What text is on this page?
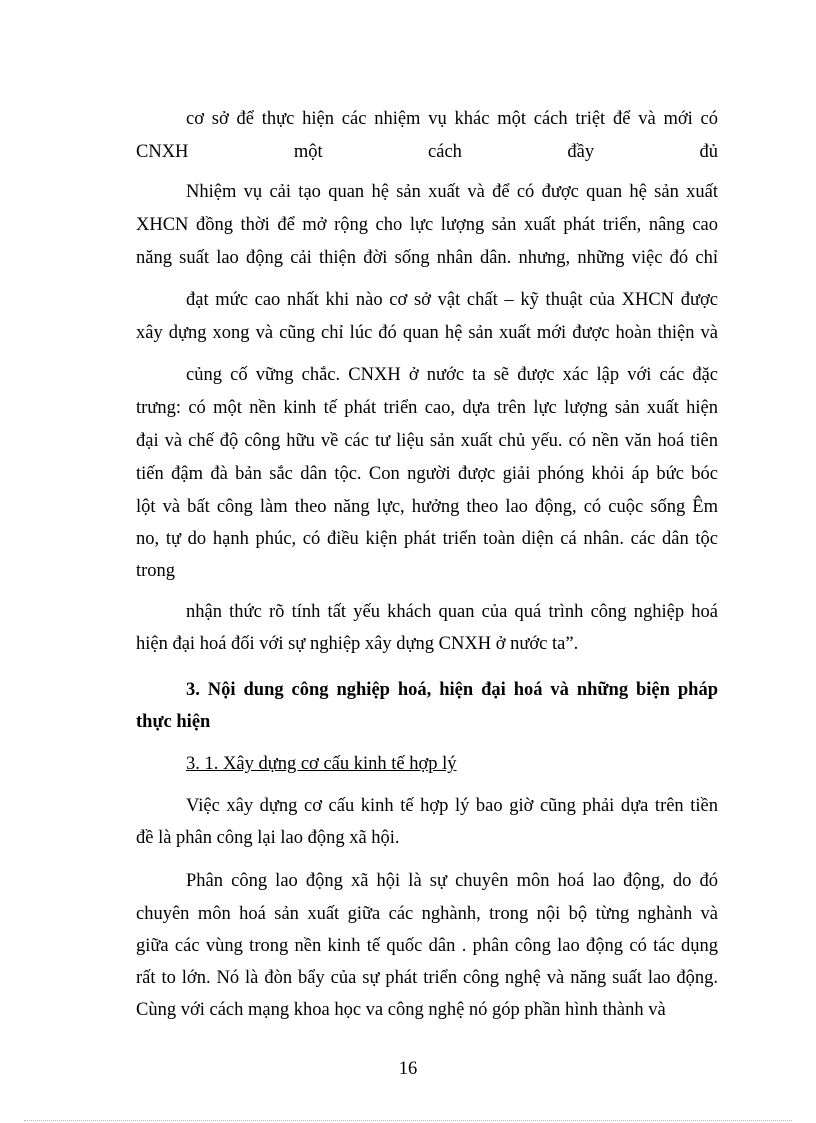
cơ sở để thực hiện các nhiệm vụ khác một cách triệt để và mới có
CNXH một cách đầy đủ
Nhiệm vụ cải tạo quan hệ sản xuất và để có được quan hệ sản xuất
XHCN đồng thời để mở rộng cho lực lượng sản xuất phát triển, nâng cao
năng suất lao động cải thiện đời sống nhân dân. nhưng, những việc đó chỉ
đạt mức cao nhất khi nào cơ sở vật chất – kỹ thuật của XHCN được
xây dựng xong và cũng chỉ lúc đó quan hệ sản xuất mới được hoàn thiện và
củng cố vững chắc. CNXH ở nước ta sẽ được xác lập với các đặc
trưng: có một nền kinh tế phát triển cao, dựa trên lực lượng sản xuất hiện
đại và chế độ công hữu về các tư liệu sản xuất chủ yếu. có nền văn hoá tiên
tiến đậm đà bản sắc dân tộc. Con người được giải phóng khỏi áp bức bóc
lột và bất công làm theo năng lực, hưởng theo lao động, có cuộc sống Êm
no, tự do hạnh phúc, có điều kiện phát triển toàn diện cá nhân. các dân tộc
trong
nhận thức rõ tính tất yếu khách quan của quá trình công nghiệp hoá
hiện đại hoá đối với sự nghiệp xây dựng CNXH ở nước ta”.
3. Nội dung công nghiệp hoá, hiện đại hoá và những biện pháp
thực hiện
3. 1. Xây dựng cơ cấu kinh tế hợp lý
Việc xây dựng cơ cấu kinh tế hợp lý bao giờ cũng phải dựa trên tiền
đề là phân công lại lao động xã hội.
Phân công lao động xã hội là sự chuyên môn hoá lao động, do đó
chuyên môn hoá sản xuất giữa các nghành, trong nội bộ từng nghành và
giữa các vùng trong nền kinh tế quốc dân . phân công lao động có tác dụng
rất to lớn. Nó là đòn bẩy của sự phát triển công nghệ và năng suất lao động.
Cùng với cách mạng khoa học va công nghệ nó góp phần hình thành và
16
